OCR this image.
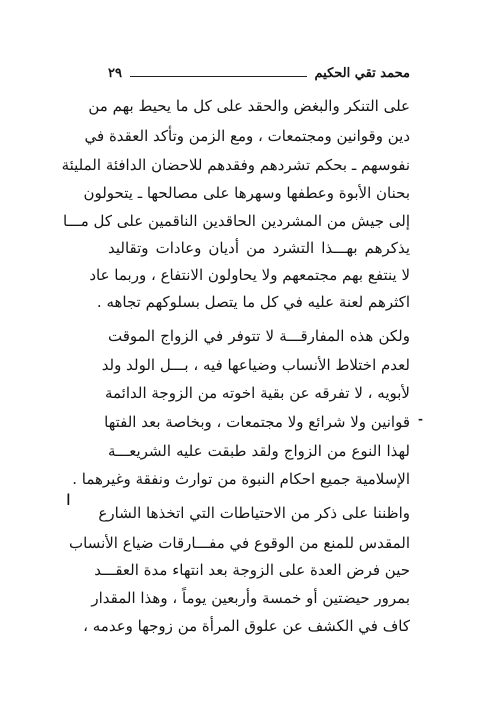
محمد تقي الحكيم
٢٩
على التنكر والبغض والحقد على كل ما يحيط بهم من
دين وقوانين ومجتمعات ، ومع الزمن وتأكد العقدة في
نفوسهم ـ بحكم تشردهم وفقدهم للاحضان الدافئة المليئة
بحنان الأبوة وعطفها وسهرها على مصالحها ـ يتحولون
إلى جيش من المشردين الحاقدين الناقمين على كل مـــا
يذكرهم بهـــذا التشرد من أديان وعادات وتقاليد
لا ينتفع بهم مجتمعهم ولا يحاولون الانتفاع ، وربما عاد
اكثرهم لعنة عليه في كل ما يتصل بسلوكهم تجاهه .
ولكن هذه المفارقـــة لا تتوفر في الزواج الموقت
لعدم اختلاط الأنساب وضياعها فيه ، بـــل الولد ولد
لأبويه ، لا تفرقه عن بقية اخوته من الزوجة الدائمة
قوانين ولا شرائع ولا مجتمعات ، وبخاصة بعد الفتها
لهذا النوع من الزواج ولقد طبقت عليه الشريعـــة
الإسلامية جميع احكام النبوة من توارث ونفقة وغيرهما .
واظننا على ذكر من الاحتياطات التي اتخذها الشارع
المقدس للمنع من الوقوع في مفـــارقات ضياع الأنساب
حين فرض العدة على الزوجة بعد انتهاء مدة العقـــد
بمرور حيضتين أو خمسة وأربعين يوماً ، وهذا المقدار
كاف في الكشف عن علوق المرأة من زوجها وعدمه ،
ǀ
-
